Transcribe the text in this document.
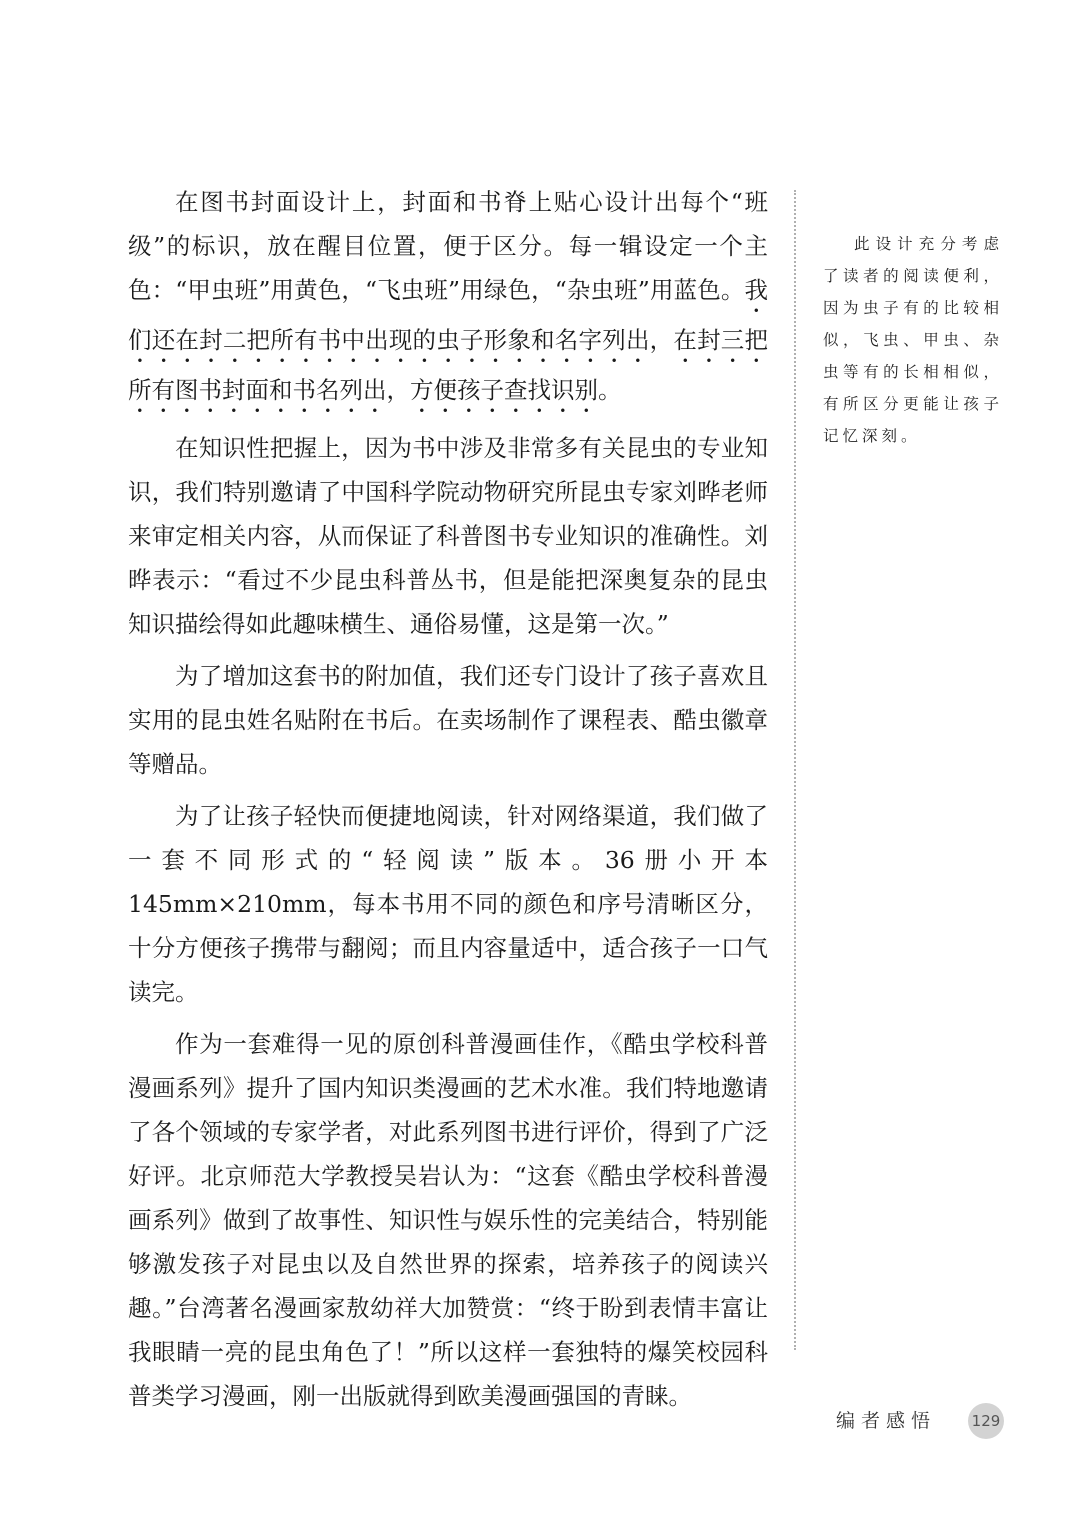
在图书封面设计上，封面和书脊上贴心设计出每个“班级”的标识，放在醒目位置，便于区分。每一辑设定一个主色：“甲虫班”用黄色，“飞虫班”用绿色，“杂虫班”用蓝色。我们还在封二把所有书中出现的虫子形象和名字列出，在封三把所有图书封面和书名列出，方便孩子查找识别。

在知识性把握上，因为书中涉及非常多有关昆虫的专业知识，我们特别邀请了中国科学院动物研究所昆虫专家刘晔老师来审定相关内容，从而保证了科普图书专业知识的准确性。刘晔表示：“看过不少昆虫科普丛书，但是能把深奥复杂的昆虫知识描绘得如此趣味横生、通俗易懂，这是第一次。”

为了增加这套书的附加值，我们还专门设计了孩子喜欢且实用的昆虫姓名贴附在书后。在卖场制作了课程表、酷虫徽章等赠品。

为了让孩子轻快而便捷地阅读，针对网络渠道，我们做了一套不同形式的“轻阅读”版本。36册小开本145mm×210mm，每本书用不同的颜色和序号清晰区分，十分方便孩子携带与翻阅；而且内容量适中，适合孩子一口气读完。

作为一套难得一见的原创科普漫画佳作，《酷虫学校科普漫画系列》提升了国内知识类漫画的艺术水准。我们特地邀请了各个领域的专家学者，对此系列图书进行评价，得到了广泛好评。北京师范大学教授吴岩认为：“这套《酷虫学校科普漫画系列》做到了故事性、知识性与娱乐性的完美结合，特别能够激发孩子对昆虫以及自然世界的探索，培养孩子的阅读兴趣。”台湾著名漫画家敖幼祥大加赞赏：“终于盼到表情丰富让我眼睛一亮的昆虫角色了！”所以这样一套独特的爆笑校园科普类学习漫画，刚一出版就得到欧美漫画强国的青睐。

此设计充分考虑了读者的阅读便利，因为虫子有的比较相似，飞虫、甲虫、杂虫等有的长相相似，有所区分更能让孩子记忆深刻。

编者感悟 129
